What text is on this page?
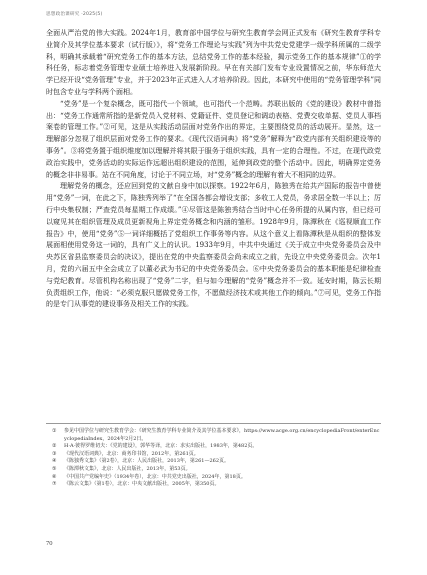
思想政治课研究 ·2025(5)

全面从严治党的伟大实践。2024年1月，教育部中国学位与研究生教育学会网正式发布《研究生教育学科专业简介及其学位基本要求（试行版）》，将“党务工作理论与实践”列为中共党史党建学一级学科所属的二级学科，明确其承载着“研究党务工作的基本方法，总结党务工作的基本经验，揭示党务工作的基本规律”①的学科任务，标志着党务管理专业硕士培养进入发展新阶段。早在有关部门发布专业设置情况之前，华东师范大学已经开设“党务管理”专业，并于2023年正式进入人才培养阶段。因此，本研究中使用的“党务管理学科”同时包含专业与学科两个面相。

“党务”是一个复杂概念，既可指代一个领域，也可指代一个范畴。苏联出版的《党的建设》教材中曾指出：“党务工作通常所指的是新党员入党材料、党籍证件、党员登记和调动表格、党费交收单据、党员人事档案卷的管理工作。”②可见，这是从实践活动层面对党务作出的界定，主要围绕党员的活动展开。显然，这一理解部分忽视了组织层面对党务工作的要求。《现代汉语词典》将“党务”解释为“政党内部有关组织建设等的事务”。③将党务置于组织维度加以理解并将其限于服务于组织实践，具有一定的合理性。不过，在现代政党政治实践中，党务活动的实际运作远超出组织建设的范围，延伸到政党的整个活动中。因此，明确界定党务的概念非非易事。站在不同角度，讨论于不同立场，对“党务”概念的理解有着大不相同的边界。

理解党务的概念，还应回到党的文献自身中加以探察。1922年6月，陈独秀在给共产国际的报告中曾使用“党务”一词，在此之下，陈独秀列举了“在全国各都会增设支部；多收工人党员，务求居全数一半以上；厉行中央集权制；严查党员每星期工作成绩。”④尽管这是陈独秀结合当时中心任务所提的从属内容，但已经可以窥见其在组织管理及成员更新视角上界定党务概念和内涵的雏形。1928年9月，陈潭秋在《巡视顺直工作报告》中，使用“党务”⑤一词详细概括了党组织工作事务等内容。从这个意义上看陈潭秋是从组织的整体发展面相使用党务这一词的，具有广义上的认识。1933年9月，中共中央通过《关于成立中央党务委员会及中央苏区省县监察委员会的决议》，提出在党的中央监察委员会尚未成立之前，先设立中央党务委员会。次年1月，党的六届五中全会成立了以董必武为书记的中央党务委员会。⑥中央党务委员会的基本职能是纪律检查与党纪教育。尽管机构名称出现了“党务”二字，但与如今理解的“党务”概念并不一致。延安时期，陈云长期负责组织工作，他说：“必须克服只愿做党务工作，不愿做经济技术或其他工作的倾向。”⑦可见，党务工作指的是专门从事党的建设事务及相关工作的实践。

①	参见中国学位与研究生教育学会：《研究生教育学科专业简介及其学位基本要求》，https://www.acge.org.cn/encyclopediaFront/enterEncyclopediaIndex，2024年2月2日。
②	H·A·彼得罗维切夫：《党的建设》，郭华等译，北京：求实出版社，1983年，第482页。
③	《现代汉语词典》，北京：商务印书馆，2012年，第261页。
④	《陈独秀文集》（第2卷），北京：人民出版社，2013年，第261—262页。
⑤	《陈潭秋文集》，北京：人民出版社，2013年，第53页。
⑥	《中国共产党编年史》（1934年卷），北京：中共党史出版社，2024年，第18页。
⑦	《陈云文集》（第1卷），北京：中央文献出版社，2005年，第350页。
70
